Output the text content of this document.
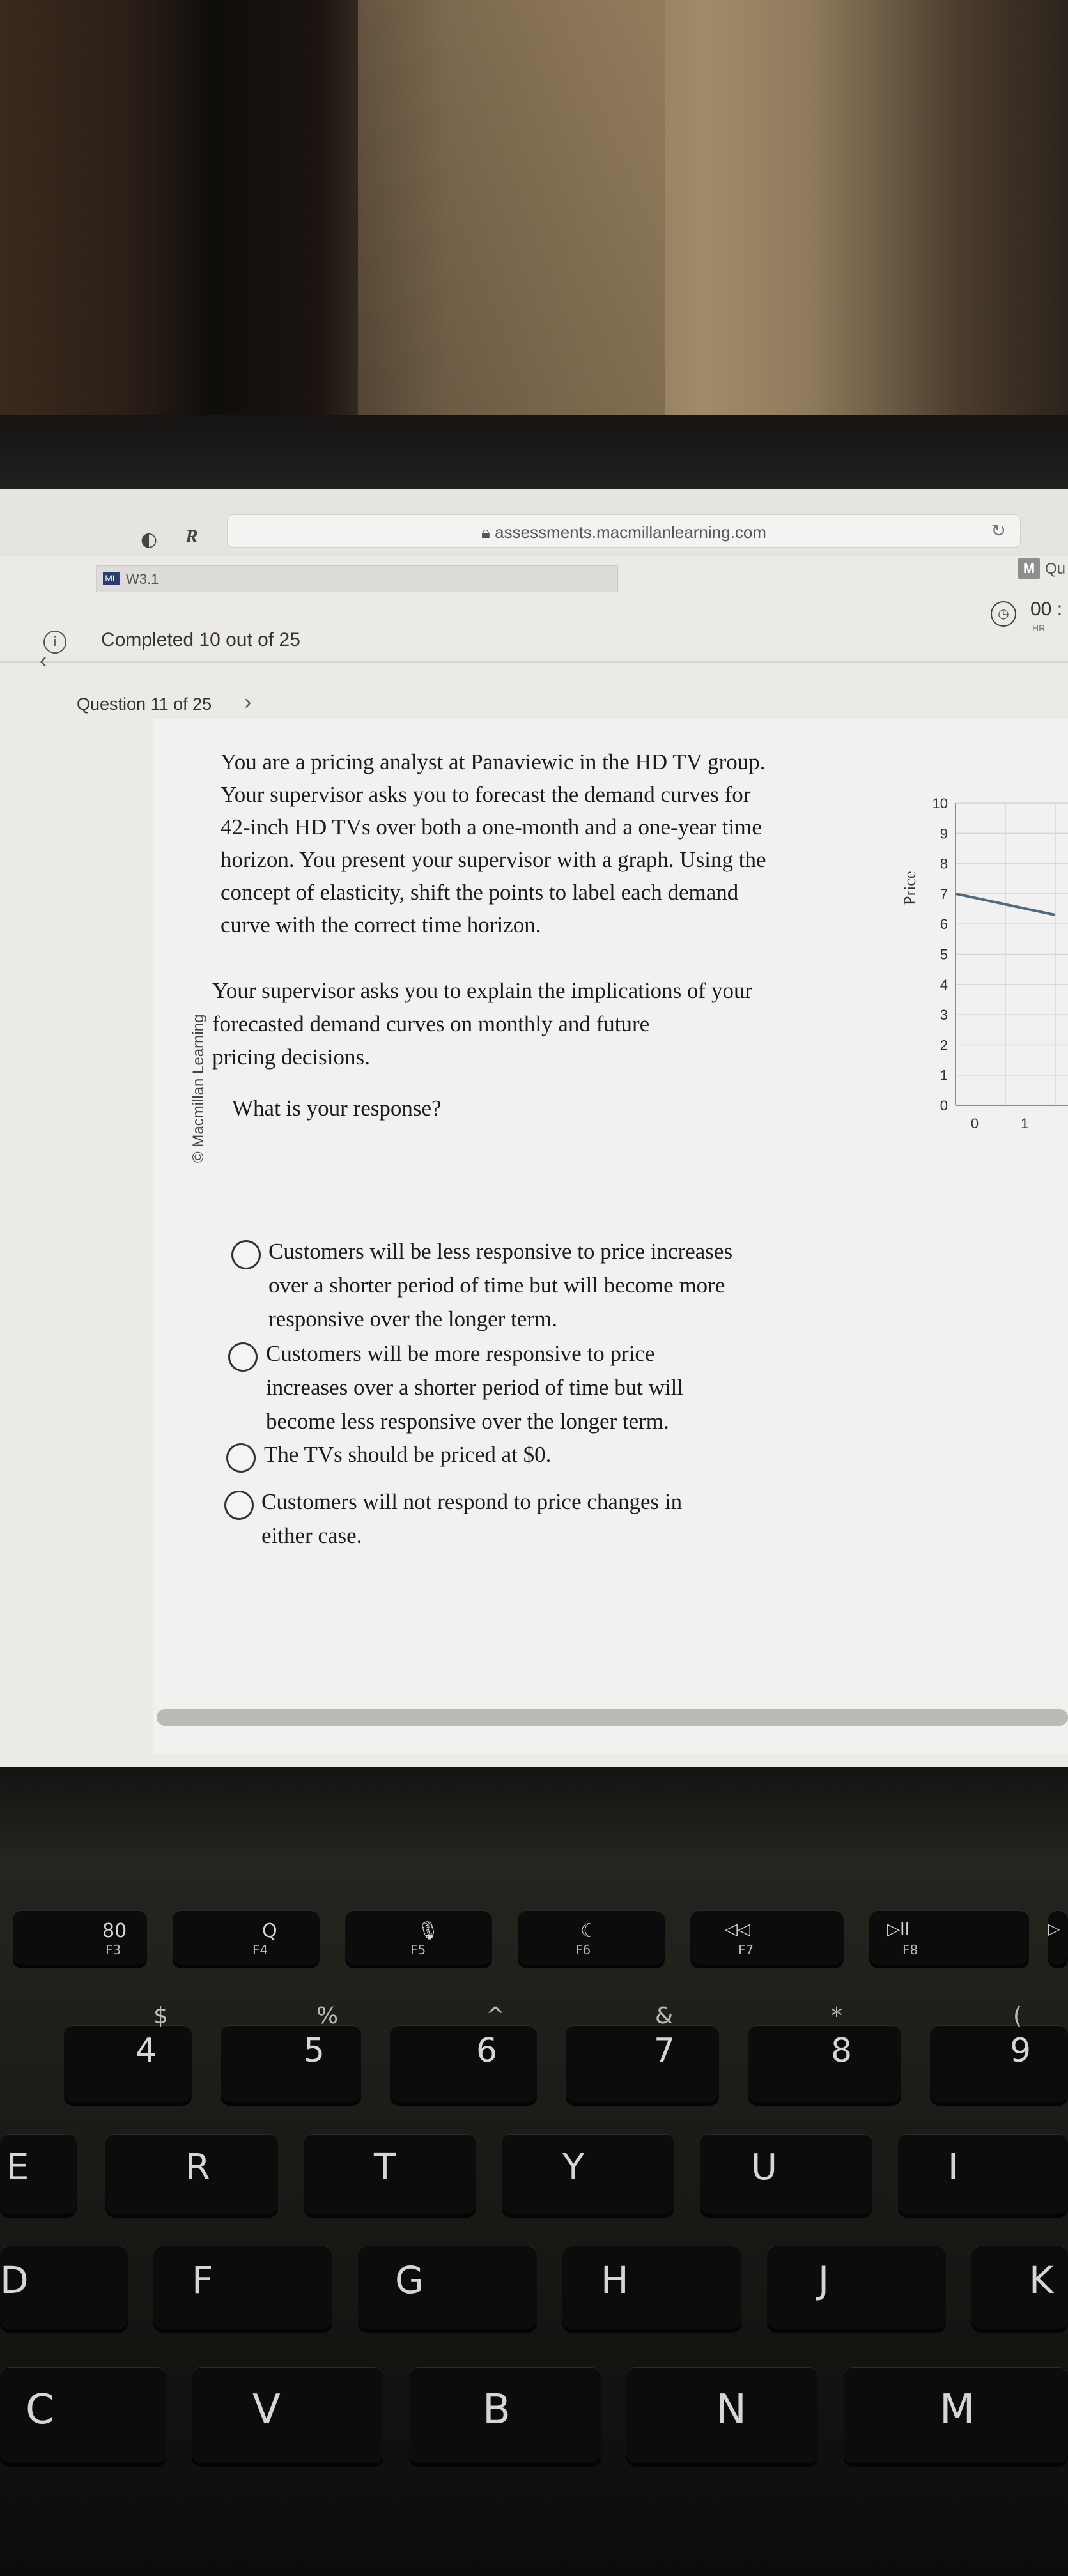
◐ R	🔒︎ assessments.macmillanlearning.com	↻
ML W3.1
M Qu
i	Completed 10 out of 25
◷	00 :
HR
‹
Question 11 of 25 ›
© Macmillan Learning
You are a pricing analyst at Panaviewic in the HD TV group.
Your supervisor asks you to forecast the demand curves for
42-inch HD TVs over both a one-month and a one-year time
horizon. You present your supervisor with a graph. Using the
concept of elasticity, shift the points to label each demand
curve with the correct time horizon.
Your supervisor asks you to explain the implications of your
forecasted demand curves on monthly and future
pricing decisions.
What is your response?
Customers will be less responsive to price increases
over a shorter period of time but will become more
responsive over the longer term.
Customers will be more responsive to price
increases over a shorter period of time but will
become less responsive over the longer term.
The TVs should be priced at $0.
Customers will not respond to price changes in
either case.
10
9
8
7
6
5
4
3
2
1
0
0	1
Price
80
F3
Q
F4
🎙
F5
☾
F6
◁◁
F7
▷II
F8
▷
$
4
%
5
^
6
&
7
*
8
(
9
E	R	T	Y	U	I
D	F	G	H	J	K
C	V	B	N	M
